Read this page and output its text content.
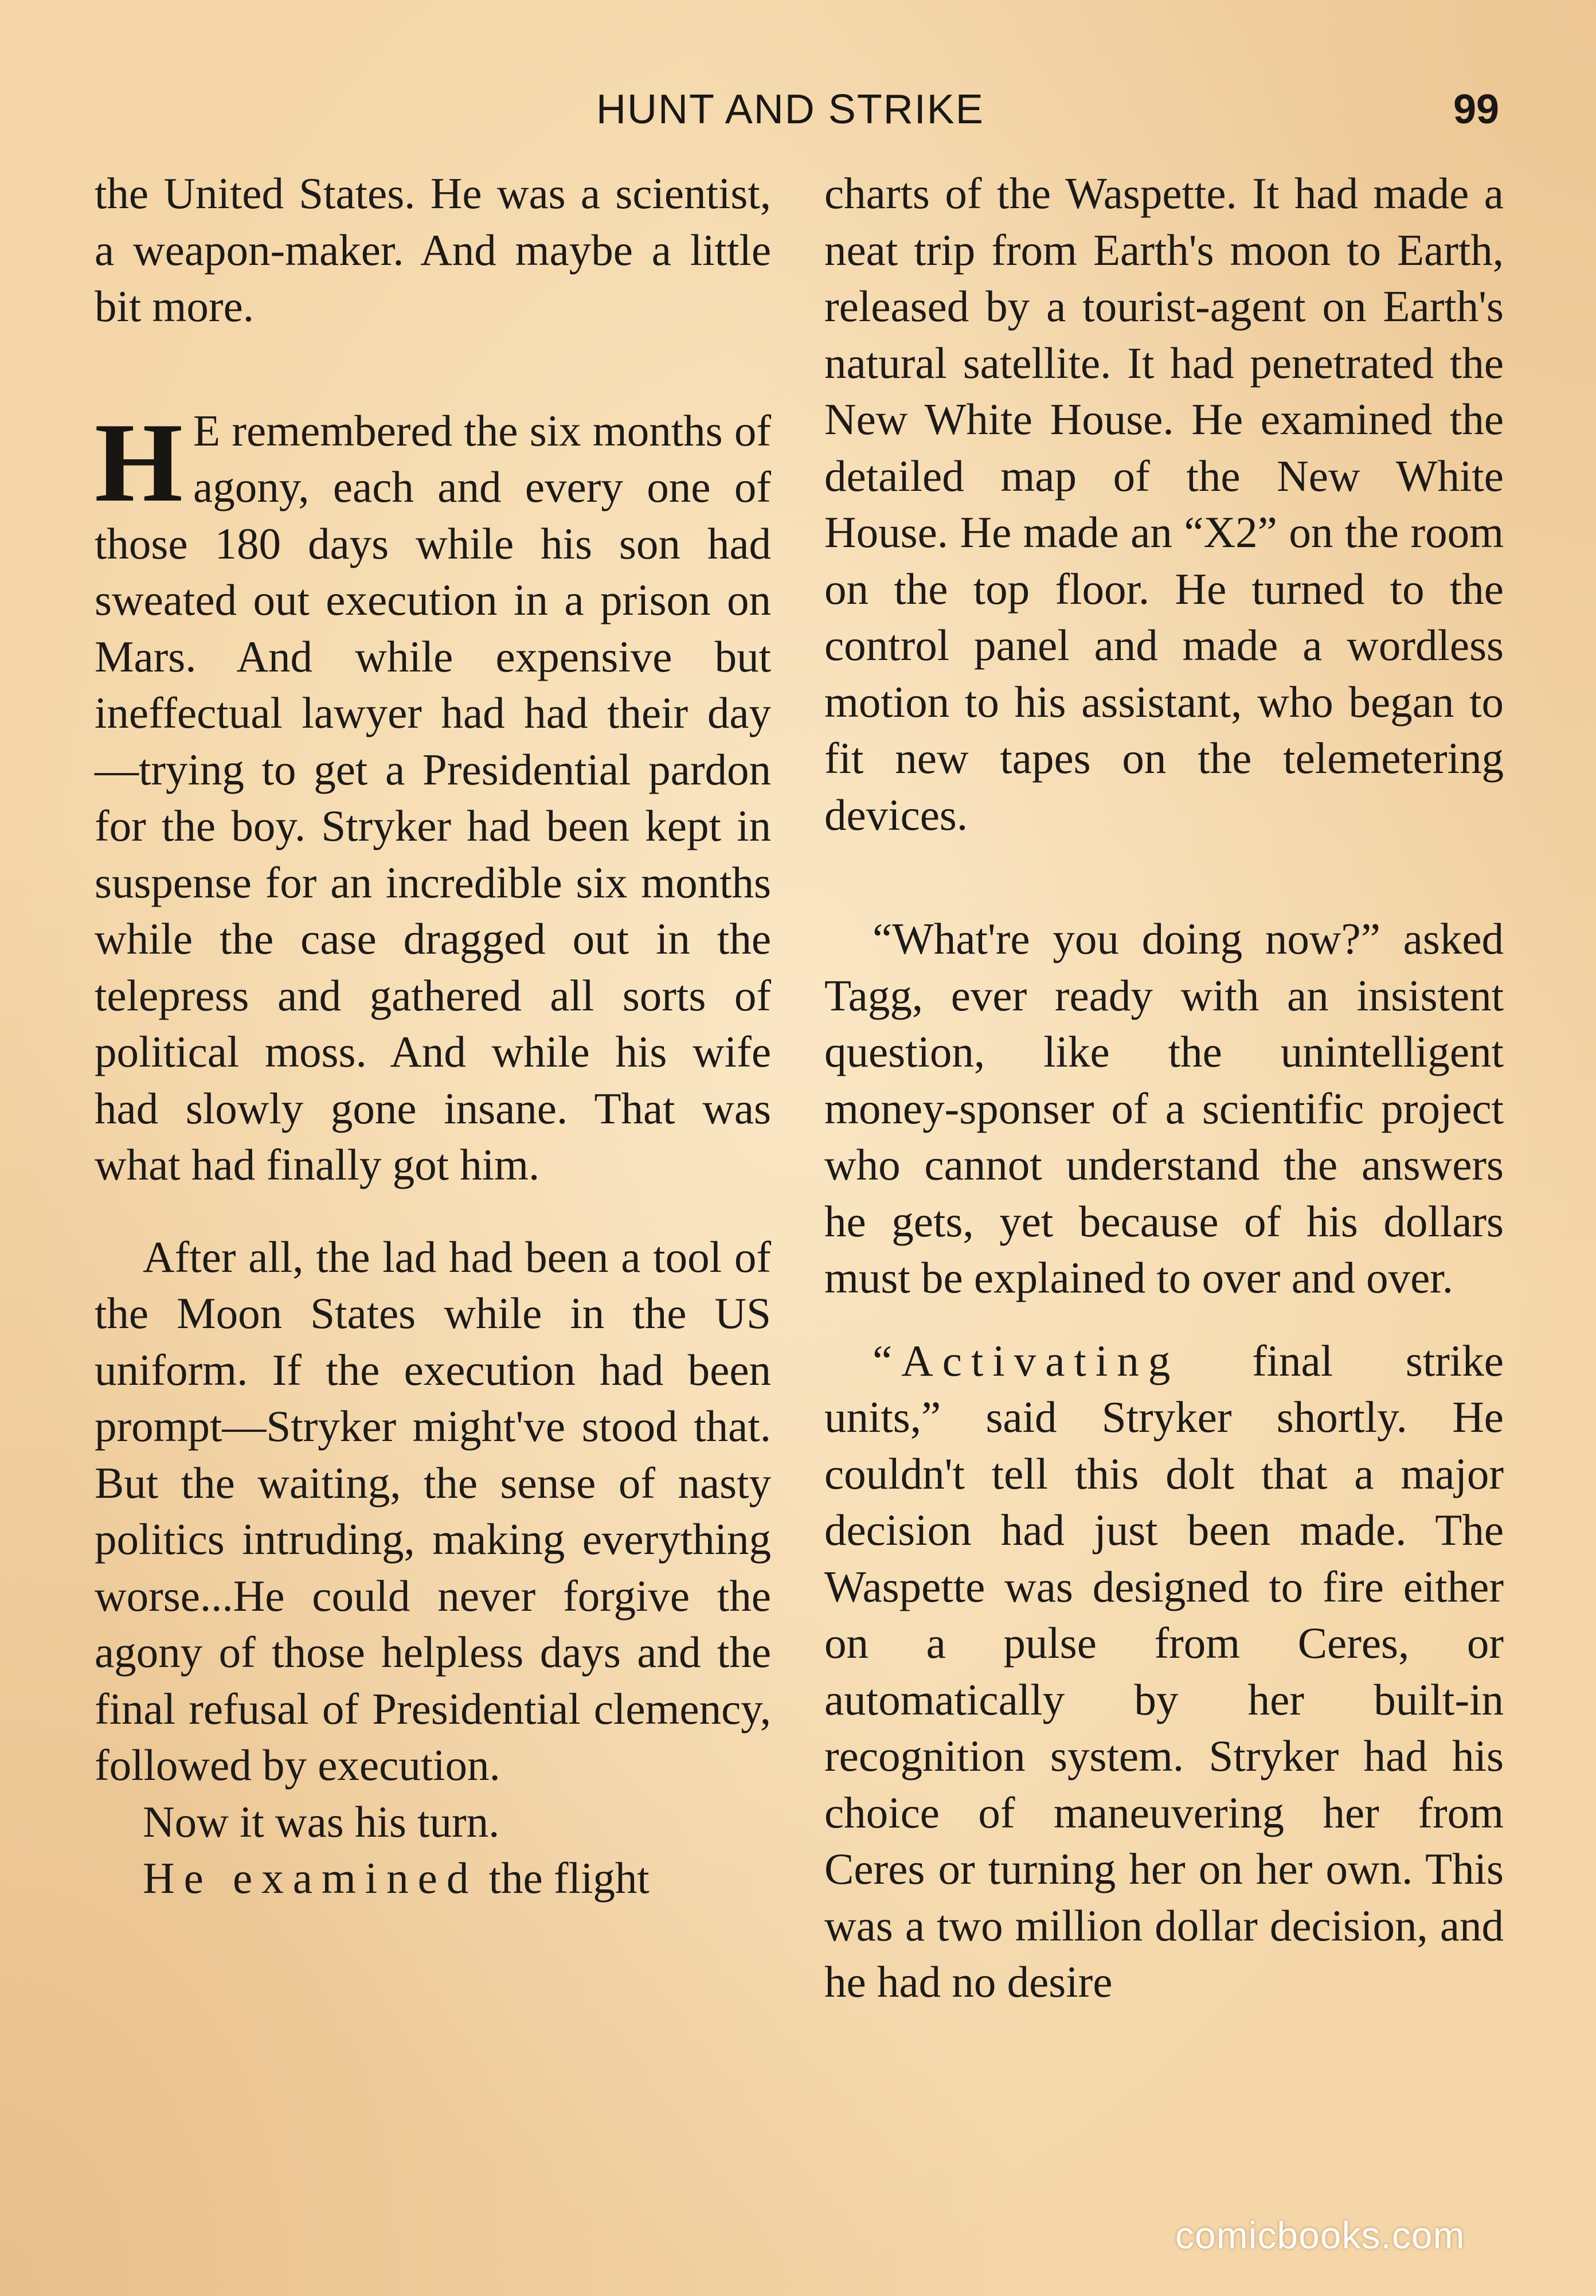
HUNT AND STRIKE	99

the United States. He was a scientist, a weapon-maker. And maybe a little bit more.

H E remembered the six months of agony, each and every one of those 180 days while his son had sweated out execution in a prison on Mars. And while expensive but ineffectual lawyer had had their day—trying to get a Presidential pardon for the boy. Stryker had been kept in suspense for an incredible six months while the case dragged out in the telepress and gathered all sorts of political moss. And while his wife had slowly gone insane. That was what had finally got him.

After all, the lad had been a tool of the Moon States while in the US uniform. If the execution had been prompt—Stryker might've stood that. But the waiting, the sense of nasty politics intruding, making everything worse...He could never forgive the agony of those helpless days and the final refusal of Presidential clemency, followed by execution.

Now it was his turn.

He examined the flight

charts of the Waspette. It had made a neat trip from Earth's moon to Earth, released by a tourist-agent on Earth's natural satellite. It had penetrated the New White House. He examined the detailed map of the New White House. He made an “X2” on the room on the top floor. He turned to the control panel and made a wordless motion to his assistant, who began to fit new tapes on the telemetering devices.

“What're you doing now?” asked Tagg, ever ready with an insistent question, like the unintelligent money-sponser of a scientific project who cannot understand the answers he gets, yet because of his dollars must be explained to over and over.

“Activating final strike units,” said Stryker shortly. He couldn't tell this dolt that a major decision had just been made. The Waspette was designed to fire either on a pulse from Ceres, or automatically by her built-in recognition system. Stryker had his choice of maneuvering her from Ceres or turning her on her own. This was a two million dollar decision, and he had no desire

comicbooks.com
